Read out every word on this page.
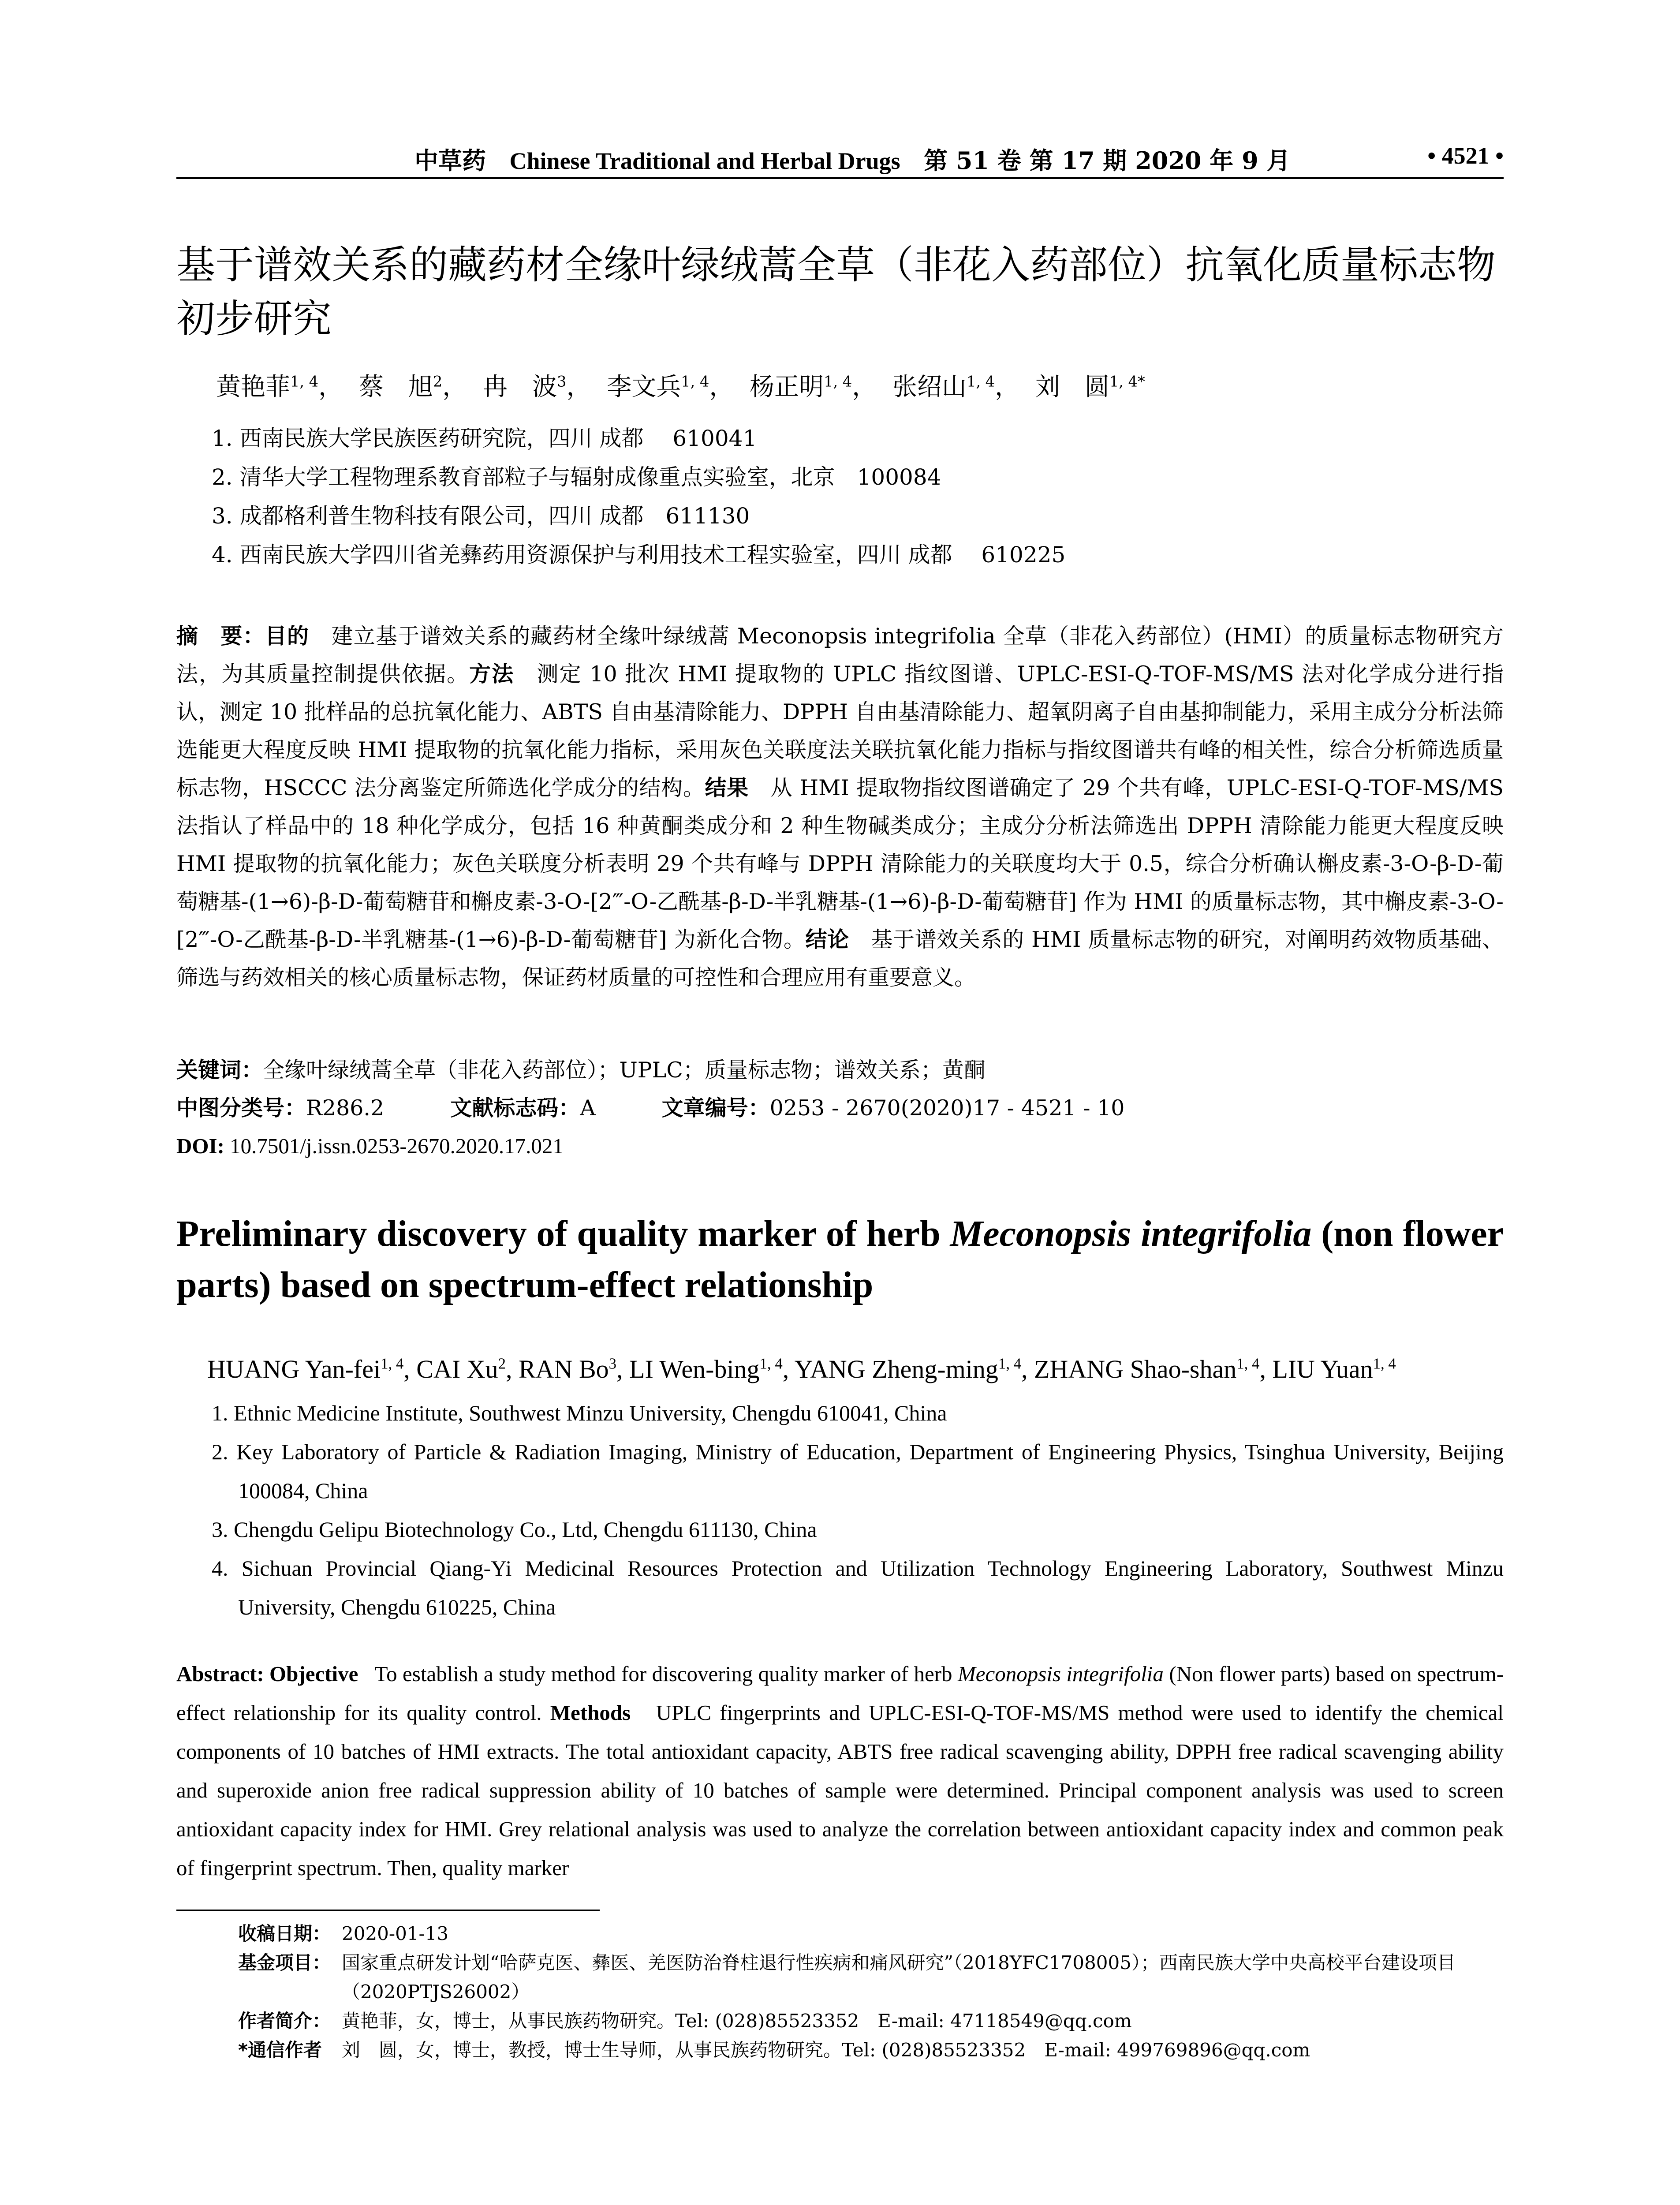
中草药 Chinese Traditional and Herbal Drugs 第 51 卷 第 17 期 2020 年 9 月	• 4521 •
基于谱效关系的藏药材全缘叶绿绒蒿全草（非花入药部位）抗氧化质量标志物初步研究
黄艳菲$^{1, 4}$， 蔡　旭$^2$， 冉　波$^3$， 李文兵$^{1, 4}$， 杨正明$^{1, 4}$， 张绍山$^{1, 4}$， 刘　圆$^{1, 4*}$
1. 西南民族大学民族医药研究院，四川 成都　 610041
2. 清华大学工程物理系教育部粒子与辐射成像重点实验室，北京　100084
3. 成都格利普生物科技有限公司，四川 成都　611130
4. 西南民族大学四川省羌彝药用资源保护与利用技术工程实验室，四川 成都　 610225
摘　要：目的　建立基于谱效关系的藏药材全缘叶绿绒蒿 Meconopsis integrifolia 全草（非花入药部位）(HMI）的质量标志物研究方法，为其质量控制提供依据。方法　测定 10 批次 HMI 提取物的 UPLC 指纹图谱、UPLC-ESI-Q-TOF-MS/MS 法对化学成分进行指认，测定 10 批样品的总抗氧化能力、ABTS 自由基清除能力、DPPH 自由基清除能力、超氧阴离子自由基抑制能力，采用主成分分析法筛选能更大程度反映 HMI 提取物的抗氧化能力指标，采用灰色关联度法关联抗氧化能力指标与指纹图谱共有峰的相关性，综合分析筛选质量标志物，HSCCC 法分离鉴定所筛选化学成分的结构。结果　从 HMI 提取物指纹图谱确定了 29 个共有峰，UPLC-ESI-Q-TOF-MS/MS 法指认了样品中的 18 种化学成分，包括 16 种黄酮类成分和 2 种生物碱类成分；主成分分析法筛选出 DPPH 清除能力能更大程度反映 HMI 提取物的抗氧化能力；灰色关联度分析表明 29 个共有峰与 DPPH 清除能力的关联度均大于 0.5，综合分析确认槲皮素-3-O-β-D-葡萄糖基-(1→6)-β-D-葡萄糖苷和槲皮素-3-O-[2‴-O-乙酰基-β-D-半乳糖基-(1→6)-β-D-葡萄糖苷] 作为 HMI 的质量标志物，其中槲皮素-3-O-[2‴-O-乙酰基-β-D-半乳糖基-(1→6)-β-D-葡萄糖苷] 为新化合物。结论　基于谱效关系的 HMI 质量标志物的研究，对阐明药效物质基础、筛选与药效相关的核心质量标志物，保证药材质量的可控性和合理应用有重要意义。
关键词：全缘叶绿绒蒿全草（非花入药部位）；UPLC；质量标志物；谱效关系；黄酮
中图分类号：R286.2	文献标志码：A	文章编号：0253 - 2670(2020)17 - 4521 - 10
DOI: 10.7501/j.issn.0253-2670.2020.17.021
Preliminary discovery of quality marker of herb Meconopsis integrifolia (non flower parts) based on spectrum-effect relationship
HUANG Yan-fei$^{1, 4}$, CAI Xu$^2$, RAN Bo$^3$, LI Wen-bing$^{1, 4}$, YANG Zheng-ming$^{1, 4}$, ZHANG Shao-shan$^{1, 4}$, LIU Yuan$^{1, 4}$
1. Ethnic Medicine Institute, Southwest Minzu University, Chengdu 610041, China
2. Key Laboratory of Particle & Radiation Imaging, Ministry of Education, Department of Engineering Physics, Tsinghua University, Beijing 100084, China
3. Chengdu Gelipu Biotechnology Co., Ltd, Chengdu 611130, China
4. Sichuan Provincial Qiang-Yi Medicinal Resources Protection and Utilization Technology Engineering Laboratory, Southwest Minzu University, Chengdu 610225, China
Abstract: Objective To establish a study method for discovering quality marker of herb Meconopsis integrifolia (Non flower parts) based on spectrum-effect relationship for its quality control. Methods UPLC fingerprints and UPLC-ESI-Q-TOF-MS/MS method were used to identify the chemical components of 10 batches of HMI extracts. The total antioxidant capacity, ABTS free radical scavenging ability, DPPH free radical scavenging ability and superoxide anion free radical suppression ability of 10 batches of sample were determined. Principal component analysis was used to screen antioxidant capacity index for HMI. Grey relational analysis was used to analyze the correlation between antioxidant capacity index and common peak of fingerprint spectrum. Then, quality marker
收稿日期： 2020-01-13
基金项目： 国家重点研发计划“哈萨克医、彝医、羌医防治脊柱退行性疾病和痛风研究”（2018YFC1708005）；西南民族大学中央高校平台建设项目（2020PTJS26002）
作者简介： 黄艳菲，女，博士，从事民族药物研究。Tel: (028)85523352　E-mail: 47118549@qq.com
*通信作者 刘　圆，女，博士，教授，博士生导师，从事民族药物研究。Tel: (028)85523352　E-mail: 499769896@qq.com
